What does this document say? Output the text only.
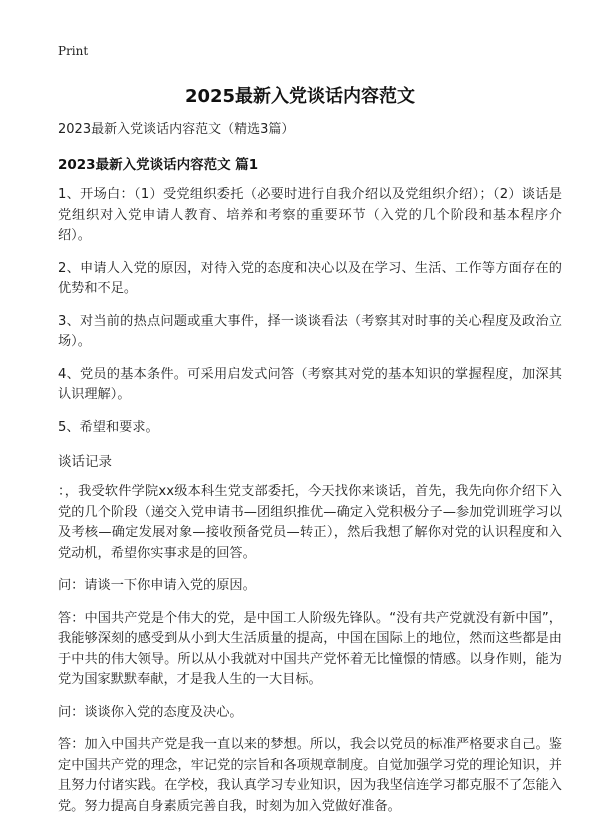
Print
2025最新入党谈话内容范文
2023最新入党谈话内容范文（精选3篇）
2023最新入党谈话内容范文 篇1

1、开场白：（1）受党组织委托（必要时进行自我介绍以及党组织介绍）；（2）谈话是党组织对入党申请人教育、培养和考察的重要环节（入党的几个阶段和基本程序介绍）。

2、申请人入党的原因，对待入党的态度和决心以及在学习、生活、工作等方面存在的优势和不足。

3、对当前的热点问题或重大事件，择一谈谈看法（考察其对时事的关心程度及政治立场）。

4、党员的基本条件。可采用启发式问答（考察其对党的基本知识的掌握程度，加深其认识理解）。

5、希望和要求。

谈话记录

：，我受软件学院xx级本科生党支部委托，今天找你来谈话，首先，我先向你介绍下入党的几个阶段（递交入党申请书—团组织推优—确定入党积极分子—参加党训班学习以及考核—确定发展对象—接收预备党员—转正），然后我想了解你对党的认识程度和入党动机，希望你实事求是的回答。

问：请谈一下你申请入党的原因。

答：中国共产党是个伟大的党，是中国工人阶级先锋队。“没有共产党就没有新中国”，我能够深刻的感受到从小到大生活质量的提高，中国在国际上的地位，然而这些都是由于中共的伟大领导。所以从小我就对中国共产党怀着无比憧憬的情感。以身作则，能为党为国家默默奉献，才是我人生的一大目标。

问：谈谈你入党的态度及决心。

答：加入中国共产党是我一直以来的梦想。所以，我会以党员的标准严格要求自己。鉴定中国共产党的理念，牢记党的宗旨和各项规章制度。自觉加强学习党的理论知识，并且努力付诸实践。在学校，我认真学习专业知识，因为我坚信连学习都克服不了怎能入党。努力提高自身素质完善自我，时刻为加入党做好准备。
